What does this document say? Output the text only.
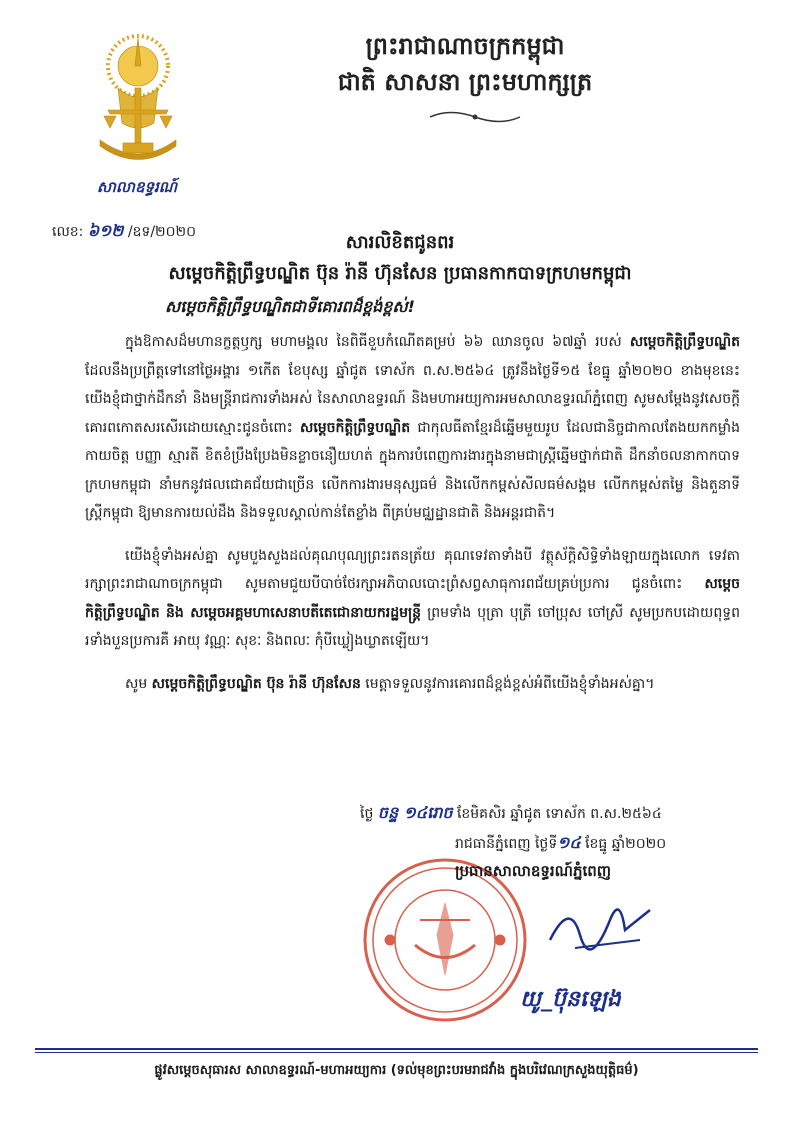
សាលាឧទ្ធរណ៍
ព្រះរាជាណាចក្រកម្ពុជា
ជាតិ សាសនា ព្រះមហាក្សត្រ
លេខ: ៦១២ /ឧទ/២០២០	សារលិខិតជូនពរ
សម្តេចកិត្តិព្រឹទ្ធបណ្ឌិត ប៊ុន រ៉ានី ហ៊ុនសែន ប្រធានកាកបាទក្រហមកម្ពុជា
សម្តេចកិត្តិព្រឹទ្ធបណ្ឌិតជាទីគោរពដ៏ខ្ពង់ខ្ពស់!

ក្នុងឱកាសដ៏មហានក្ខត្តឫក្ស មហាមង្គល នៃពិធីខួបកំណើតគម្រប់ ៦៦ ឈានចូល ៦៧ឆ្នាំ របស់ សម្តេចកិត្តិព្រឹទ្ធបណ្ឌិត ដែលនឹងប្រព្រឹត្តទៅនៅថ្ងៃអង្គារ ១កើត ខែបុស្ស ឆ្នាំជូត ទោស័ក ព.ស.២៥៦៤ ត្រូវនឹងថ្ងៃទី១៥ ខែធ្នូ ឆ្នាំ២០២០ ខាងមុខនេះ យើងខ្ញុំជាថ្នាក់ដឹកនាំ និងមន្ត្រីរាជការទាំងអស់ នៃសាលាឧទ្ធរណ៍ និងមហាអយ្យការអមសាលាឧទ្ធរណ៍ភ្នំពេញ សូមសម្តែងនូវសេចក្តីគោរពកោតសរសើរដោយស្មោះជូនចំពោះ សម្តេចកិត្តិព្រឹទ្ធបណ្ឌិត ជាកុលធីតាខ្មែរដ៏ឆ្នើមមួយរូប ដែលជានិច្ចជាកាលតែងយកកម្លាំងកាយចិត្ត បញ្ញា ស្មារតី ខិតខំប្រឹងប្រែងមិនខ្លាចនឿយហត់ ក្នុងការបំពេញការងារក្នុងនាមជាស្ត្រីឆ្នើមថ្នាក់ជាតិ ដឹកនាំចលនាកាកបាទក្រហមកម្ពុជា នាំមកនូវផលជោគជ័យជាច្រើន លើកការងារមនុស្សធម៌ និងលើកកម្ពស់សីលធម៌សង្គម លើកកម្ពស់តម្លៃ និងតួនាទីស្ត្រីកម្ពុជា ឱ្យមានការយល់ដឹង និងទទួលស្គាល់កាន់តែខ្លាំង ពីគ្រប់មជ្ឈដ្ឋានជាតិ និងអន្តរជាតិ។

យើងខ្ញុំទាំងអស់គ្នា សូមបួងសួងដល់គុណបុណ្យព្រះរតនត្រ័យ គុណទេវតាទាំងបី វត្ថុស័ក្តិសិទ្ធិទាំងឡាយក្នុងលោក ទេវតារក្សាព្រះរាជាណាចក្រកម្ពុជា សូមតាមជួយបីបាច់ថែរក្សាអភិបាលបោះព្រំសព្វសាធុការពជ័យគ្រប់ប្រការ ជូនចំពោះ សម្តេចកិត្តិព្រឹទ្ធបណ្ឌិត និង សម្តេចអគ្គមហាសេនាបតីតេជោនាយករដ្ឋមន្ត្រី ព្រមទាំង បុត្រា បុត្រី ចៅប្រុស ចៅស្រី សូមប្រកបដោយពុទ្ធពរទាំងបួនប្រការគឺ អាយុ វណ្ណៈ សុខៈ និងពលៈ កុំបីឃ្លៀងឃ្លាតឡើយ។

សូម សម្តេចកិត្តិព្រឹទ្ធបណ្ឌិត ប៊ុន រ៉ានី ហ៊ុនសែន មេត្តាទទួលនូវការគោរពដ៏ខ្ពង់ខ្ពស់អំពីយើងខ្ញុំទាំងអស់គ្នា។

ថ្ងៃ ចន្ទ ១៤រោច ខែមិគសិរ ឆ្នាំជូត ទោស័ក ព.ស.២៥៦៤
រាជធានីភ្នំពេញ ថ្ងៃទី១៤ ខែធ្នូ ឆ្នាំ២០២០
ប្រធានសាលាឧទ្ធរណ៍ភ្នំពេញ
យូ_ប៊ុនឡេង
ផ្លូវសម្តេចសុធារស សាលាឧទ្ធរណ៍-មហាអយ្យការ (ទល់មុខព្រះបរមរាជវាំង ក្នុងបរិវេណក្រសួងយុត្តិធម៌)
